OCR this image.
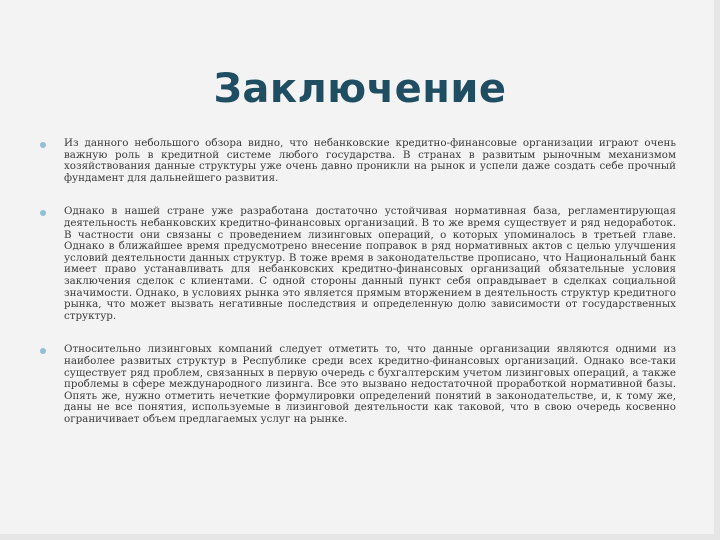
Заключение
Из данного небольшого обзора видно, что небанковские кредитно-финансовые организации играют очень важную роль в кредитной системе любого государства. В странах в развитым рыночным механизмом хозяйствования данные структуры уже очень давно проникли на рынок и успели даже создать себе прочный фундамент для дальнейшего развития.
Однако в нашей стране уже разработана достаточно устойчивая нормативная база, регламентирующая деятельность небанковских кредитно-финансовых организаций. В то же время существует и ряд недоработок. В частности они связаны с проведением лизинговых операций, о которых упоминалось в третьей главе. Однако в ближайшее время предусмотрено внесение поправок в ряд нормативных актов с целью улучшения условий деятельности данных структур. В тоже время в законодательстве прописано, что Национальный банк имеет право устанавливать для небанковских кредитно-финансовых организаций обязательные условия заключения сделок с клиентами. С одной стороны данный пункт себя оправдывает в сделках социальной значимости. Однако, в условиях рынка это является прямым вторжением в деятельность структур кредитного рынка, что может вызвать негативные последствия и определенную долю зависимости от государственных структур.
Относительно лизинговых компаний следует отметить то, что данные организации являются одними из наиболее развитых структур в Республике среди всех кредитно-финансовых организаций. Однако все-таки существует ряд проблем, связанных в первую очередь с бухгалтерским учетом лизинговых операций, а также проблемы в сфере международного лизинга. Все это вызвано недостаточной проработкой нормативной базы. Опять же, нужно отметить нечеткие формулировки определений понятий в законодательстве, и, к тому же, даны не все понятия, используемые в лизинговой деятельности как таковой, что в свою очередь косвенно ограничивает объем предлагаемых услуг на рынке.
